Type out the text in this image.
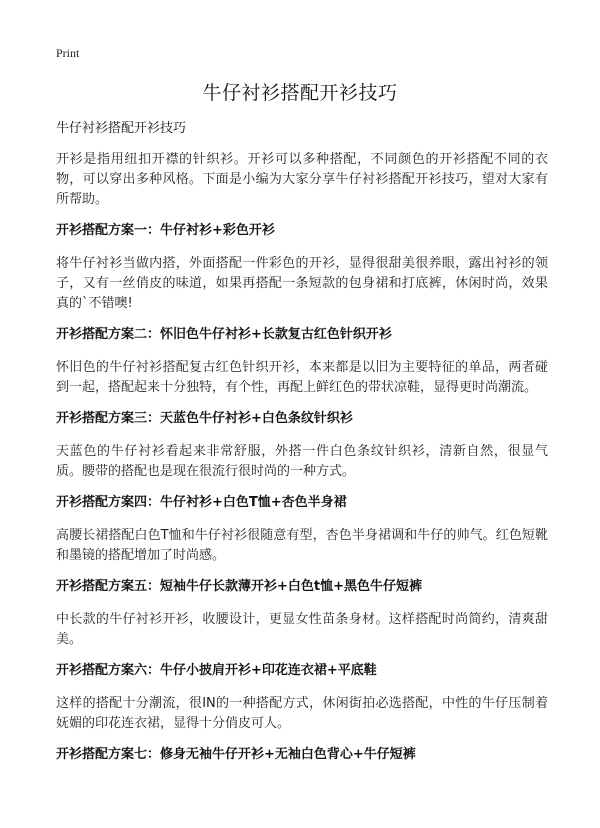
Print
牛仔衬衫搭配开衫技巧

牛仔衬衫搭配开衫技巧

开衫是指用纽扣开襟的针织衫。开衫可以多种搭配，不同颜色的开衫搭配不同的衣物，可以穿出多种风格。下面是小编为大家分享牛仔衬衫搭配开衫技巧，望对大家有所帮助。

开衫搭配方案一：牛仔衬衫+彩色开衫

将牛仔衬衫当做内搭，外面搭配一件彩色的开衫，显得很甜美很养眼，露出衬衫的领子，又有一丝俏皮的味道，如果再搭配一条短款的包身裙和打底裤，休闲时尚，效果真的`不错噢!

开衫搭配方案二：怀旧色牛仔衬衫+长款复古红色针织开衫

怀旧色的牛仔衬衫搭配复古红色针织开衫，本来都是以旧为主要特征的单品，两者碰到一起，搭配起来十分独特，有个性，再配上鲜红色的带状凉鞋，显得更时尚潮流。

开衫搭配方案三：天蓝色牛仔衬衫+白色条纹针织衫

天蓝色的牛仔衬衫看起来非常舒服，外搭一件白色条纹针织衫，清新自然，很显气质。腰带的搭配也是现在很流行很时尚的一种方式。

开衫搭配方案四：牛仔衬衫+白色T恤+杏色半身裙

高腰长裙搭配白色T恤和牛仔衬衫很随意有型，杏色半身裙调和牛仔的帅气。红色短靴和墨镜的搭配增加了时尚感。

开衫搭配方案五：短袖牛仔长款薄开衫+白色t恤+黑色牛仔短裤

中长款的牛仔衬衫开衫，收腰设计，更显女性苗条身材。这样搭配时尚简约，清爽甜美。

开衫搭配方案六：牛仔小披肩开衫+印花连衣裙+平底鞋

这样的搭配十分潮流，很IN的一种搭配方式，休闲街拍必选搭配，中性的牛仔压制着妩媚的印花连衣裙，显得十分俏皮可人。

开衫搭配方案七：修身无袖牛仔开衫+无袖白色背心+牛仔短裤
